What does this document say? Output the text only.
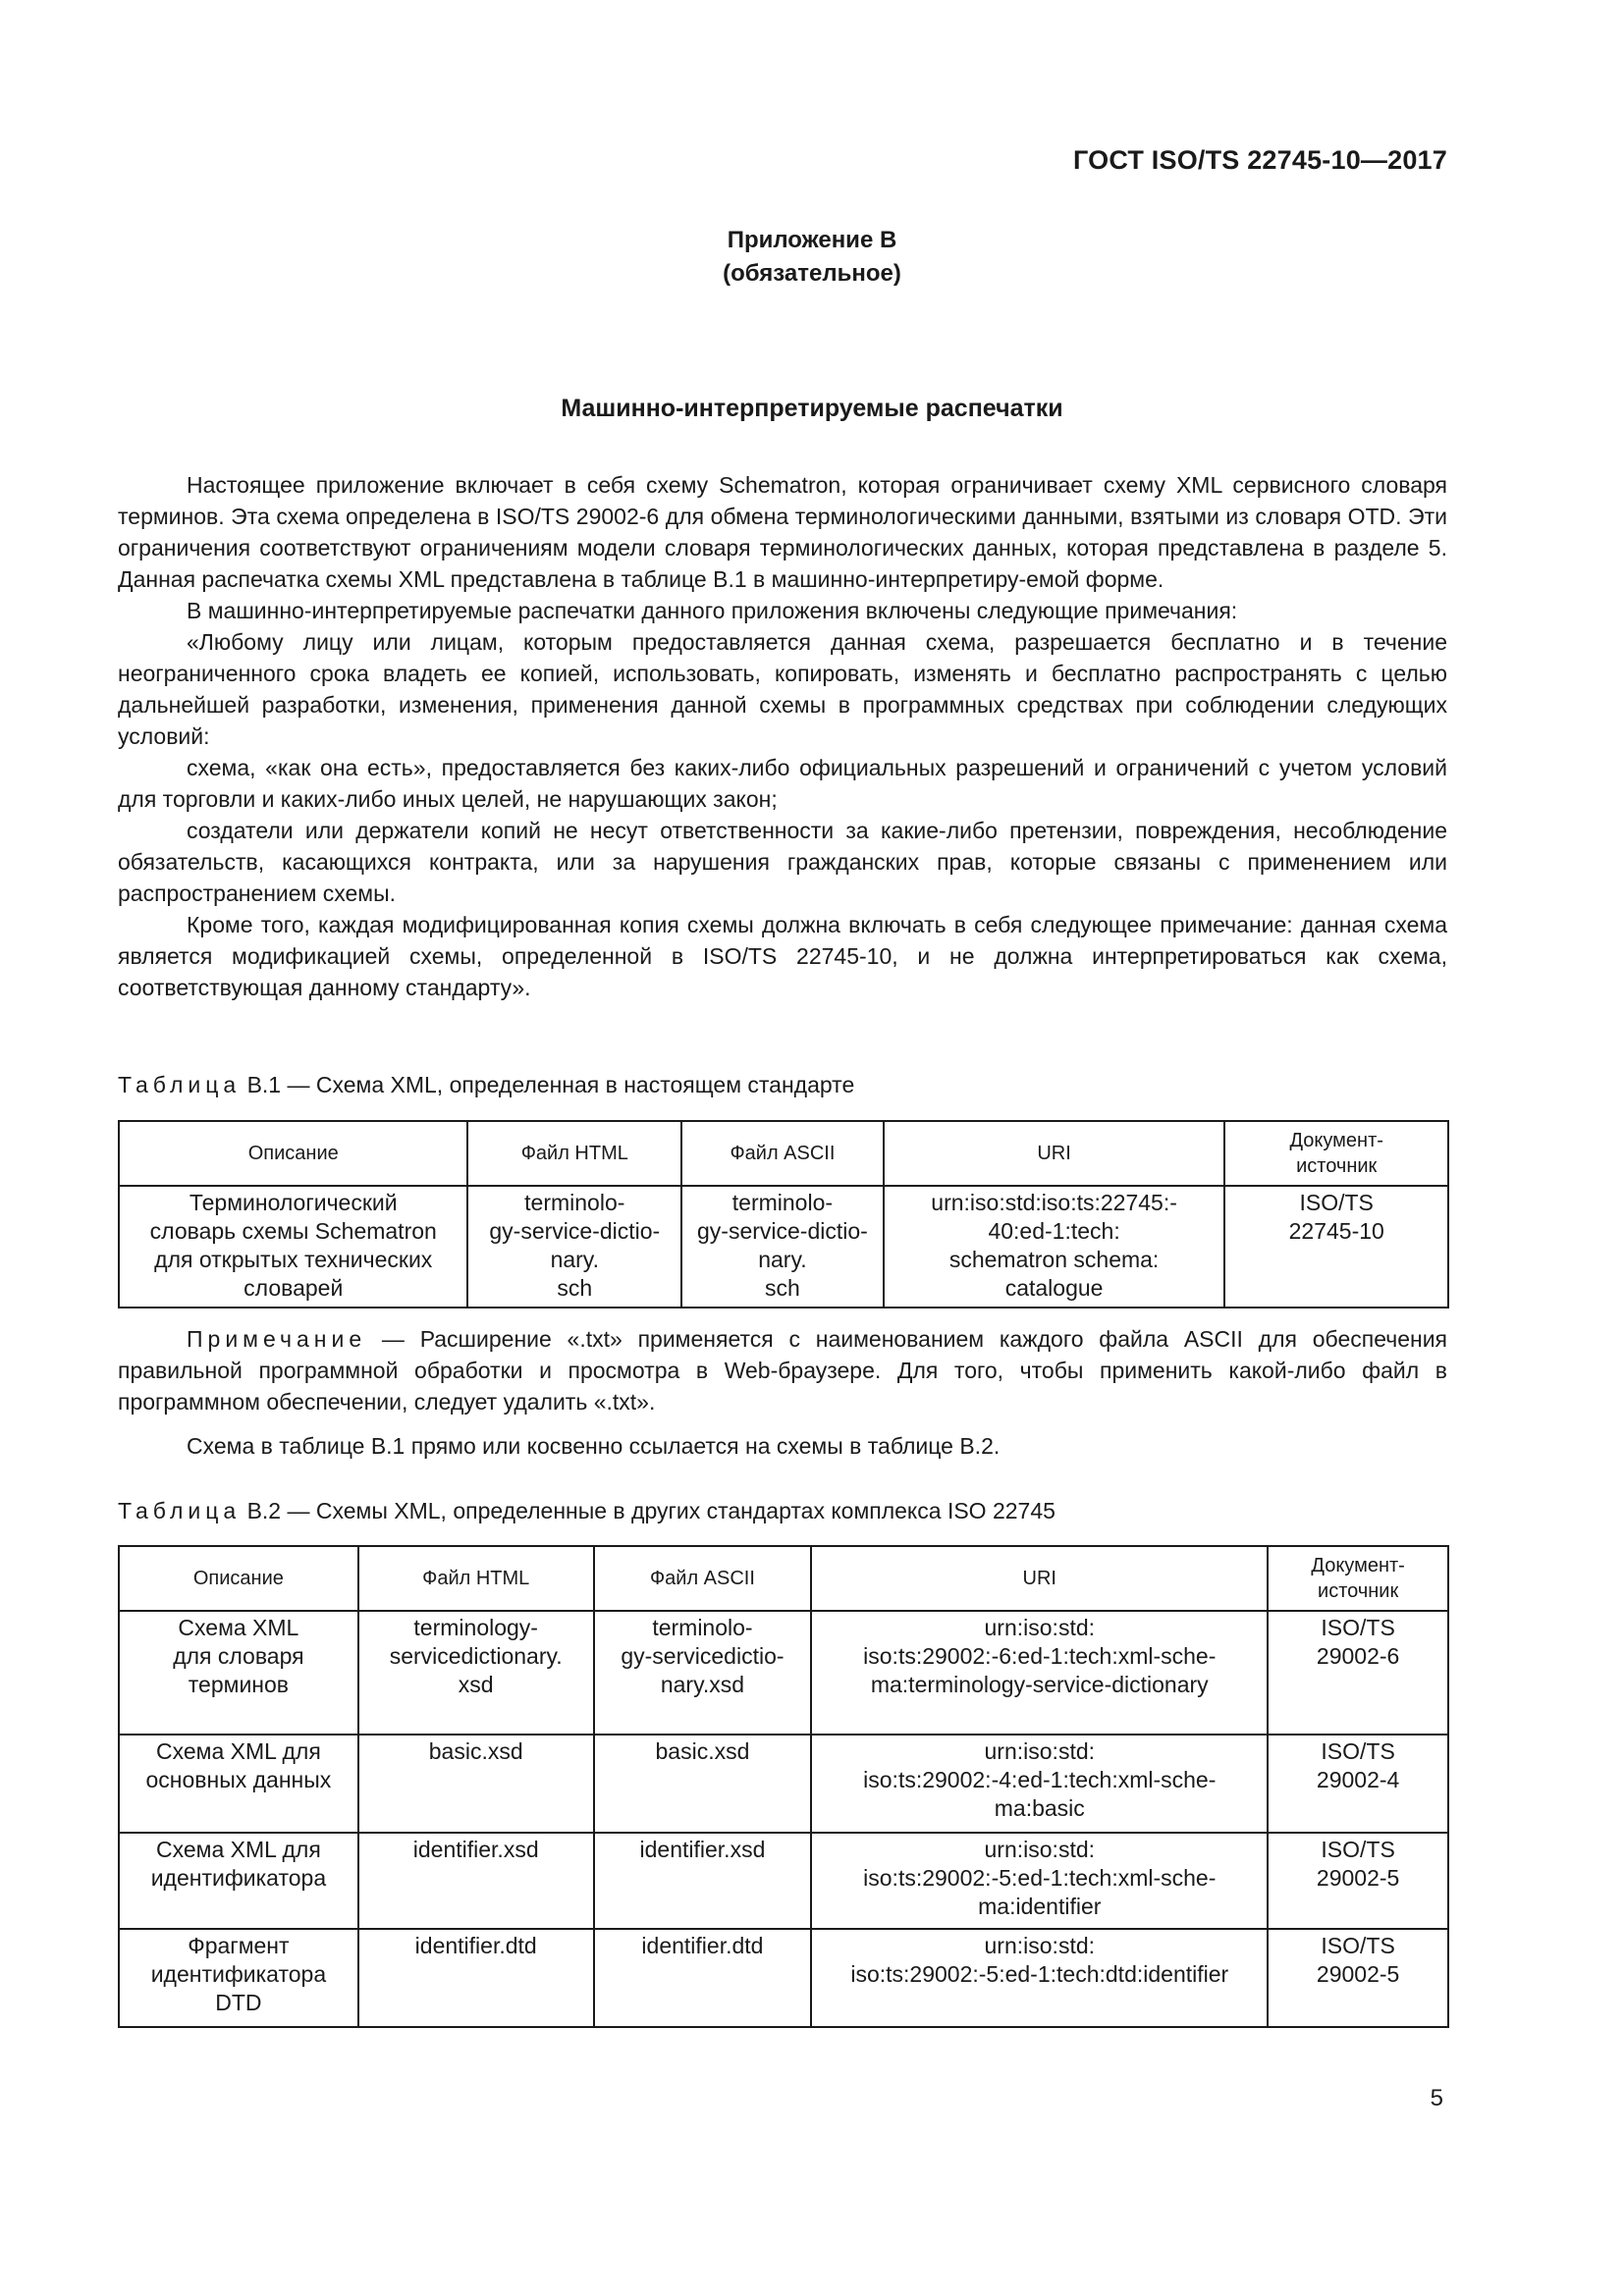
ГОСТ ISO/TS 22745-10—2017
Приложение В
(обязательное)
Машинно-интерпретируемые распечатки

Настоящее приложение включает в себя схему Schematron, которая ограничивает схему XML сервисного словаря терминов. Эта схема определена в ISO/TS 29002-6 для обмена терминологическими данными, взятыми из словаря OTD. Эти ограничения соответствуют ограничениям модели словаря терминологических данных, которая представлена в разделе 5. Данная распечатка схемы XML представлена в таблице В.1 в машинно-интерпретиру-емой форме.

В машинно-интерпретируемые распечатки данного приложения включены следующие примечания:

«Любому лицу или лицам, которым предоставляется данная схема, разрешается бесплатно и в течение неограниченного срока владеть ее копией, использовать, копировать, изменять и бесплатно распространять с целью дальнейшей разработки, изменения, применения данной схемы в программных средствах при соблюдении следующих условий:

схема, «как она есть», предоставляется без каких-либо официальных разрешений и ограничений с учетом условий для торговли и каких-либо иных целей, не нарушающих закон;

создатели или держатели копий не несут ответственности за какие-либо претензии, повреждения, несоблюдение обязательств, касающихся контракта, или за нарушения гражданских прав, которые связаны с применением или распространением схемы.

Кроме того, каждая модифицированная копия схемы должна включать в себя следующее примечание: данная схема является модификацией схемы, определенной в ISO/TS 22745-10, и не должна интерпретироваться как схема, соответствующая данному стандарту».

Таблица В.1 — Схема XML, определенная в настоящем стандарте
Описание	Файл HTML	Файл ASCII	URI	Документ-
источник
Терминологический
словарь схемы Schematron
для открытых технических
словарей	terminolo-
gy-service-dictio-
nary.
sch	terminolo-
gy-service-dictio-
nary.
sch	urn:iso:std:iso:ts:22745:-
40:ed-1:tech:
schematron schema:
catalogue	ISO/TS
22745-10
Примечание — Расширение «.txt» применяется с наименованием каждого файла ASCII для обеспечения правильной программной обработки и просмотра в Web-браузере. Для того, чтобы применить какой-либо файл в программном обеспечении, следует удалить «.txt».
Схема в таблице В.1 прямо или косвенно ссылается на схемы в таблице В.2.
Таблица В.2 — Схемы XML, определенные в других стандартах комплекса ISO 22745
Описание	Файл HTML	Файл ASCII	URI	Документ-
источник
Схема XML
для словаря
терминов	terminology-
servicedictionary.
xsd	terminolo-
gy-servicedictio-
nary.xsd	urn:iso:std:
iso:ts:29002:-6:ed-1:tech:xml-sche-
ma:terminology-service-dictionary	ISO/TS
29002-6
Схема XML для
основных данных	basic.xsd	basic.xsd	urn:iso:std:
iso:ts:29002:-4:ed-1:tech:xml-sche-
ma:basic	ISO/TS
29002-4
Схема XML для
идентификатора	identifier.xsd	identifier.xsd	urn:iso:std:
iso:ts:29002:-5:ed-1:tech:xml-sche-
ma:identifier	ISO/TS
29002-5
Фрагмент
идентификатора
DTD	identifier.dtd	identifier.dtd	urn:iso:std:
iso:ts:29002:-5:ed-1:tech:dtd:identifier	ISO/TS
29002-5
5
